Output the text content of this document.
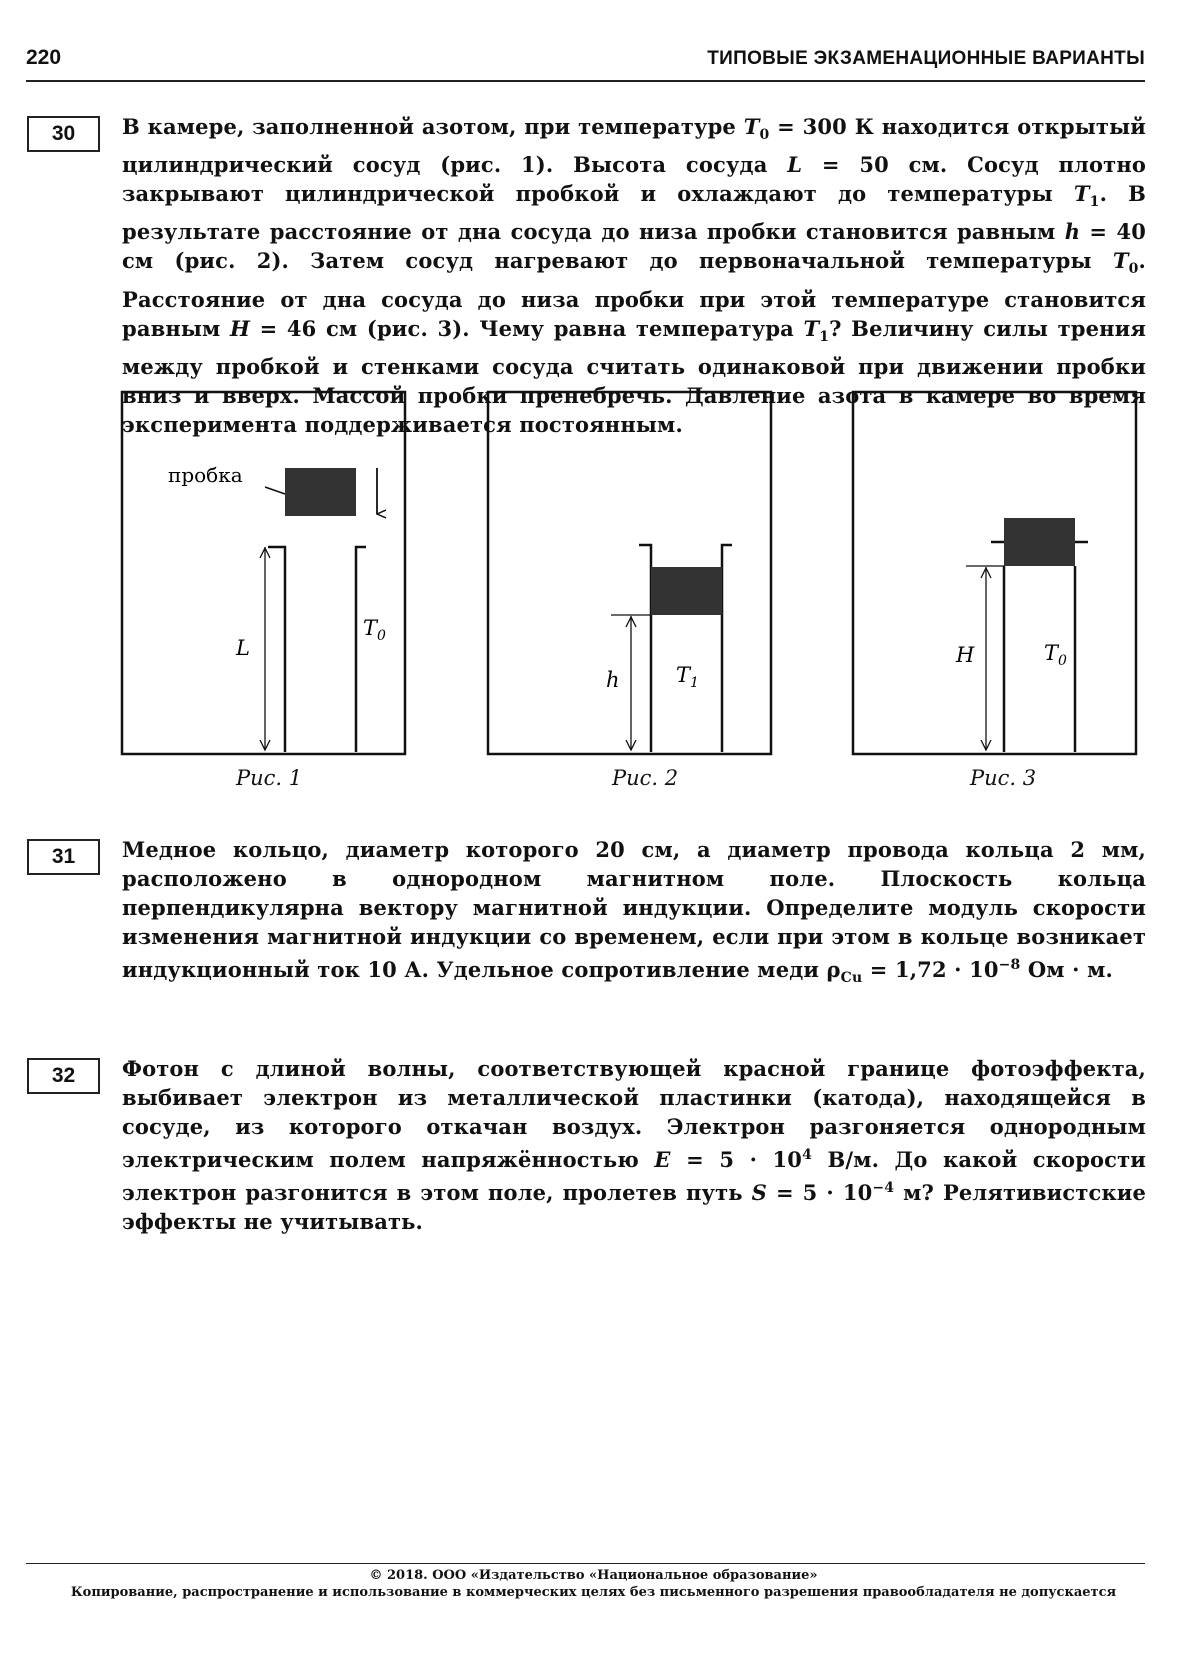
220	ТИПОВЫЕ ЭКЗАМЕНАЦИОННЫЕ ВАРИАНТЫ
30	В камере, заполненной азотом, при температуре $T_0 = 300$ К находится открытый цилиндрический сосуд (рис. 1). Высота сосуда L = 50 см. Сосуд плотно закрывают цилиндрической пробкой и охлаждают до температуры $T_1$. В результате расстояние от дна сосуда до низа пробки становится равным h = 40 см (рис. 2). Затем сосуд нагревают до первоначальной температуры $T_0$. Расстояние от дна сосуда до низа пробки при этой температуре становится равным H = 46 см (рис. 3). Чему равна температура $T_1$? Величину силы трения между пробкой и стенками сосуда считать одинаковой при движении пробки вниз и вверх. Массой пробки пренебречь. Давление азота в камере во время эксперимента поддерживается постоянным.

пробка
L
$T_0$
Рис. 1
h	$T_1$
Рис. 2
H	$T_0$
Рис. 3
31	Медное кольцо, диаметр которого 20 см, а диаметр провода кольца 2 мм, расположено в однородном магнитном поле. Плоскость кольца перпендикулярна вектору магнитной индукции. Определите модуль скорости изменения магнитной индукции со временем, если при этом в кольце возникает индукционный ток 10 А. Удельное сопротивление меди $\rho_{Cu} = 1,72 \cdot 10^{-8}$ Ом · м.

32	Фотон с длиной волны, соответствующей красной границе фотоэффекта, выбивает электрон из металлической пластинки (катода), находящейся в сосуде, из которого откачан воздух. Электрон разгоняется однородным электрическим полем напряжённостью $E = 5 \cdot 10^4$ В/м. До какой скорости электрон разгонится в этом поле, пролетев путь $S = 5 \cdot 10^{-4}$ м? Релятивистские эффекты не учитывать.

© 2018. ООО «Издательство «Национальное образование»
Копирование, распространение и использование в коммерческих целях без письменного разрешения правообладателя не допускается
